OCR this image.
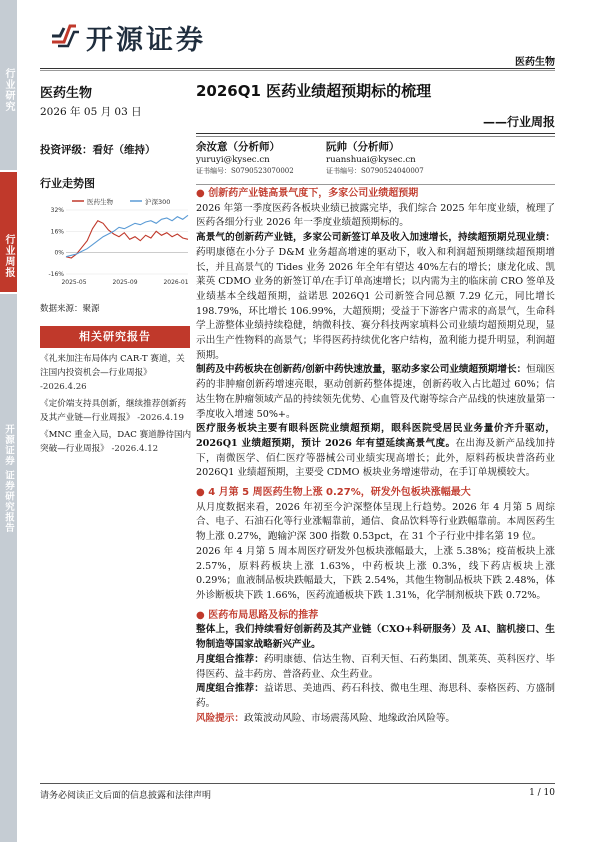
行业研究
行业周报
开源证券 证券研究报告
开源证券
医药生物
医药生物
2026 年 05 月 03 日
投资评级：看好（维持）
行业走势图
医药生物	沪深300
-16%
0%
16%
32%
2025-05	2025-09	2026-01
数据来源：聚源
相关研究报告
《礼来加注布局体内 CAR-T 赛道，关注国内投资机会—行业周报》
-2026.4.26
《定价端支持具创新，继续推荐创新药及其产业链—行业周报》 -2026.4.19
《MNC 重金入局，DAC 赛道静待国内突破—行业周报》 -2026.4.12
2026Q1 医药业绩超预期标的梳理
——行业周报
余汝意（分析师）
yuruyi@kysec.cn
证书编号：S0790523070002
阮帅（分析师）
ruanshuai@kysec.cn
证书编号：S0790524040007

● 创新药产业链高景气度下，多家公司业绩超预期

2026 年第一季度医药各板块业绩已披露完毕，我们综合 2025 年年度业绩，梳理了医药各细分行业 2026 年一季度业绩超预期标的。

高景气的创新药产业链，多家公司新签订单及收入加速增长，持续超预期兑现业绩：药明康德在小分子 D&M 业务超高增速的驱动下，收入和利润超预期继续超预期增长，并且高景气的 Tides 业务 2026 年全年有望达 40%左右的增长；康龙化成、凯莱英 CDMO 业务的新签订单/在手订单高速增长；以内需为主的临床前 CRO 签单及业绩基本全线超预期，益诺思 2026Q1 公司新签合同总额 7.29 亿元，同比增长 198.79%，环比增长 106.99%，大超预期；受益于下游客户需求的高景气，生命科学上游整体业绩持续稳健，纳微科技、赛分科技两家填料公司业绩均超预期兑现，显示出生产性物料的高景气；毕得医药持续优化客户结构，盈利能力提升明显，利润超预期。

制药及中药板块在创新药/创新中药快速放量，驱动多家公司业绩超预期增长：恒瑞医药的非肿瘤创新药增速亮眼，驱动创新药整体提速，创新药收入占比超过 60%；信达生物在肿瘤领域产品的持续领先优势、心血管及代谢等综合产品线的快速放量第一季度收入增速 50%+。

医疗服务板块主要有眼科医院业绩超预期，眼科医院受居民业务量价齐升驱动，2026Q1 业绩超预期，预计 2026 年有望延续高景气度。在出海及新产品线加持下，南微医学、佰仁医疗等器械公司业绩实现高增长；此外，原料药板块普洛药业 2026Q1 业绩超预期，主要受 CDMO 板块业务增速带动，在手订单规模较大。

● 4 月第 5 周医药生物上涨 0.27%，研发外包板块涨幅最大

从月度数据来看，2026 年初至今沪深整体呈现上行趋势。2026 年 4 月第 5 周综合、电子、石油石化等行业涨幅靠前，通信、食品饮料等行业跌幅靠前。本周医药生物上涨 0.27%，跑输沪深 300 指数 0.53pct，在 31 个子行业中排名第 19 位。

2026 年 4 月第 5 周本周医疗研发外包板块涨幅最大，上涨 5.38%；疫苗板块上涨 2.57%，原料药板块上涨 1.63%，中药板块上涨 0.3%，线下药店板块上涨 0.29%；血液制品板块跌幅最大，下跌 2.54%，其他生物制品板块下跌 2.48%，体外诊断板块下跌 1.66%，医药流通板块下跌 1.31%，化学制剂板块下跌 0.72%。

● 医药布局思路及标的推荐

整体上，我们持续看好创新药及其产业链（CXO+科研服务）及 AI、脑机接口、生物制造等国家战略新兴产业。

月度组合推荐：药明康德、信达生物、百利天恒、石药集团、凯莱英、英科医疗、毕得医药、益丰药房、普洛药业、众生药业。

周度组合推荐：益诺思、美迪西、药石科技、微电生理、海思科、泰格医药、方盛制药。

风险提示：政策波动风险、市场震荡风险、地缘政治风险等。

请务必阅读正文后面的信息披露和法律声明	1 / 10
